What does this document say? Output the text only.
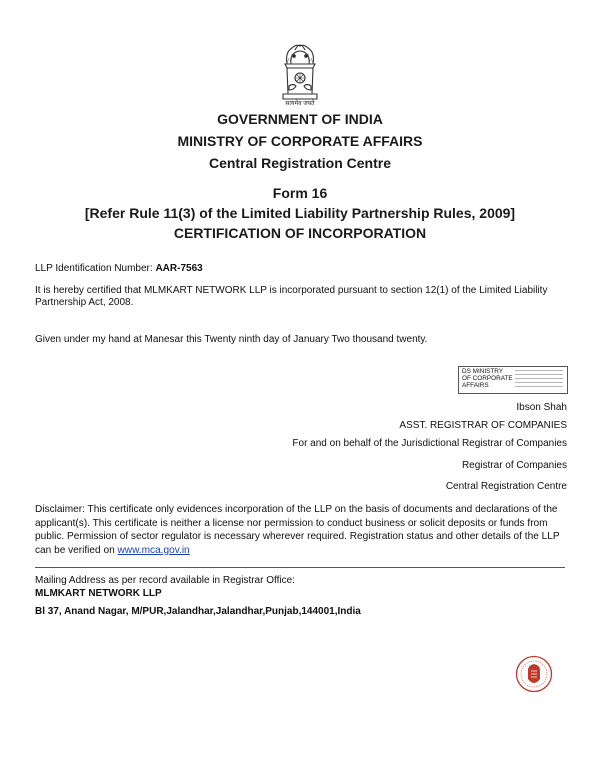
सत्यमेव जयते
GOVERNMENT OF INDIA
MINISTRY OF CORPORATE AFFAIRS
Central Registration Centre
Form 16
[Refer Rule 11(3) of the Limited Liability Partnership Rules, 2009]
CERTIFICATION OF INCORPORATION
LLP Identification Number: AAR-7563
It is hereby certified that MLMKART NETWORK LLP is incorporated pursuant to section 12(1) of the Limited Liability Partnership Act, 2008.
Given under my hand at Manesar this Twenty ninth day of January Two thousand twenty.
DS MINISTRY
OF CORPORATE
AFFAIRS
Ibson Shah
ASST. REGISTRAR OF COMPANIES
For and on behalf of the Jurisdictional Registrar of Companies
Registrar of Companies
Central Registration Centre
Disclaimer: This certificate only evidences incorporation of the LLP on the basis of documents and declarations of the applicant(s). This certificate is neither a license nor permission to conduct business or solicit deposits or funds from public. Permission of sector regulator is necessary wherever required. Registration status and other details of the LLP can be verified on www.mca.gov.in
Mailing Address as per record available in Registrar Office:
MLMKART NETWORK LLP
Bl 37, Anand Nagar, M/PUR,Jalandhar,Jalandhar,Punjab,144001,India
